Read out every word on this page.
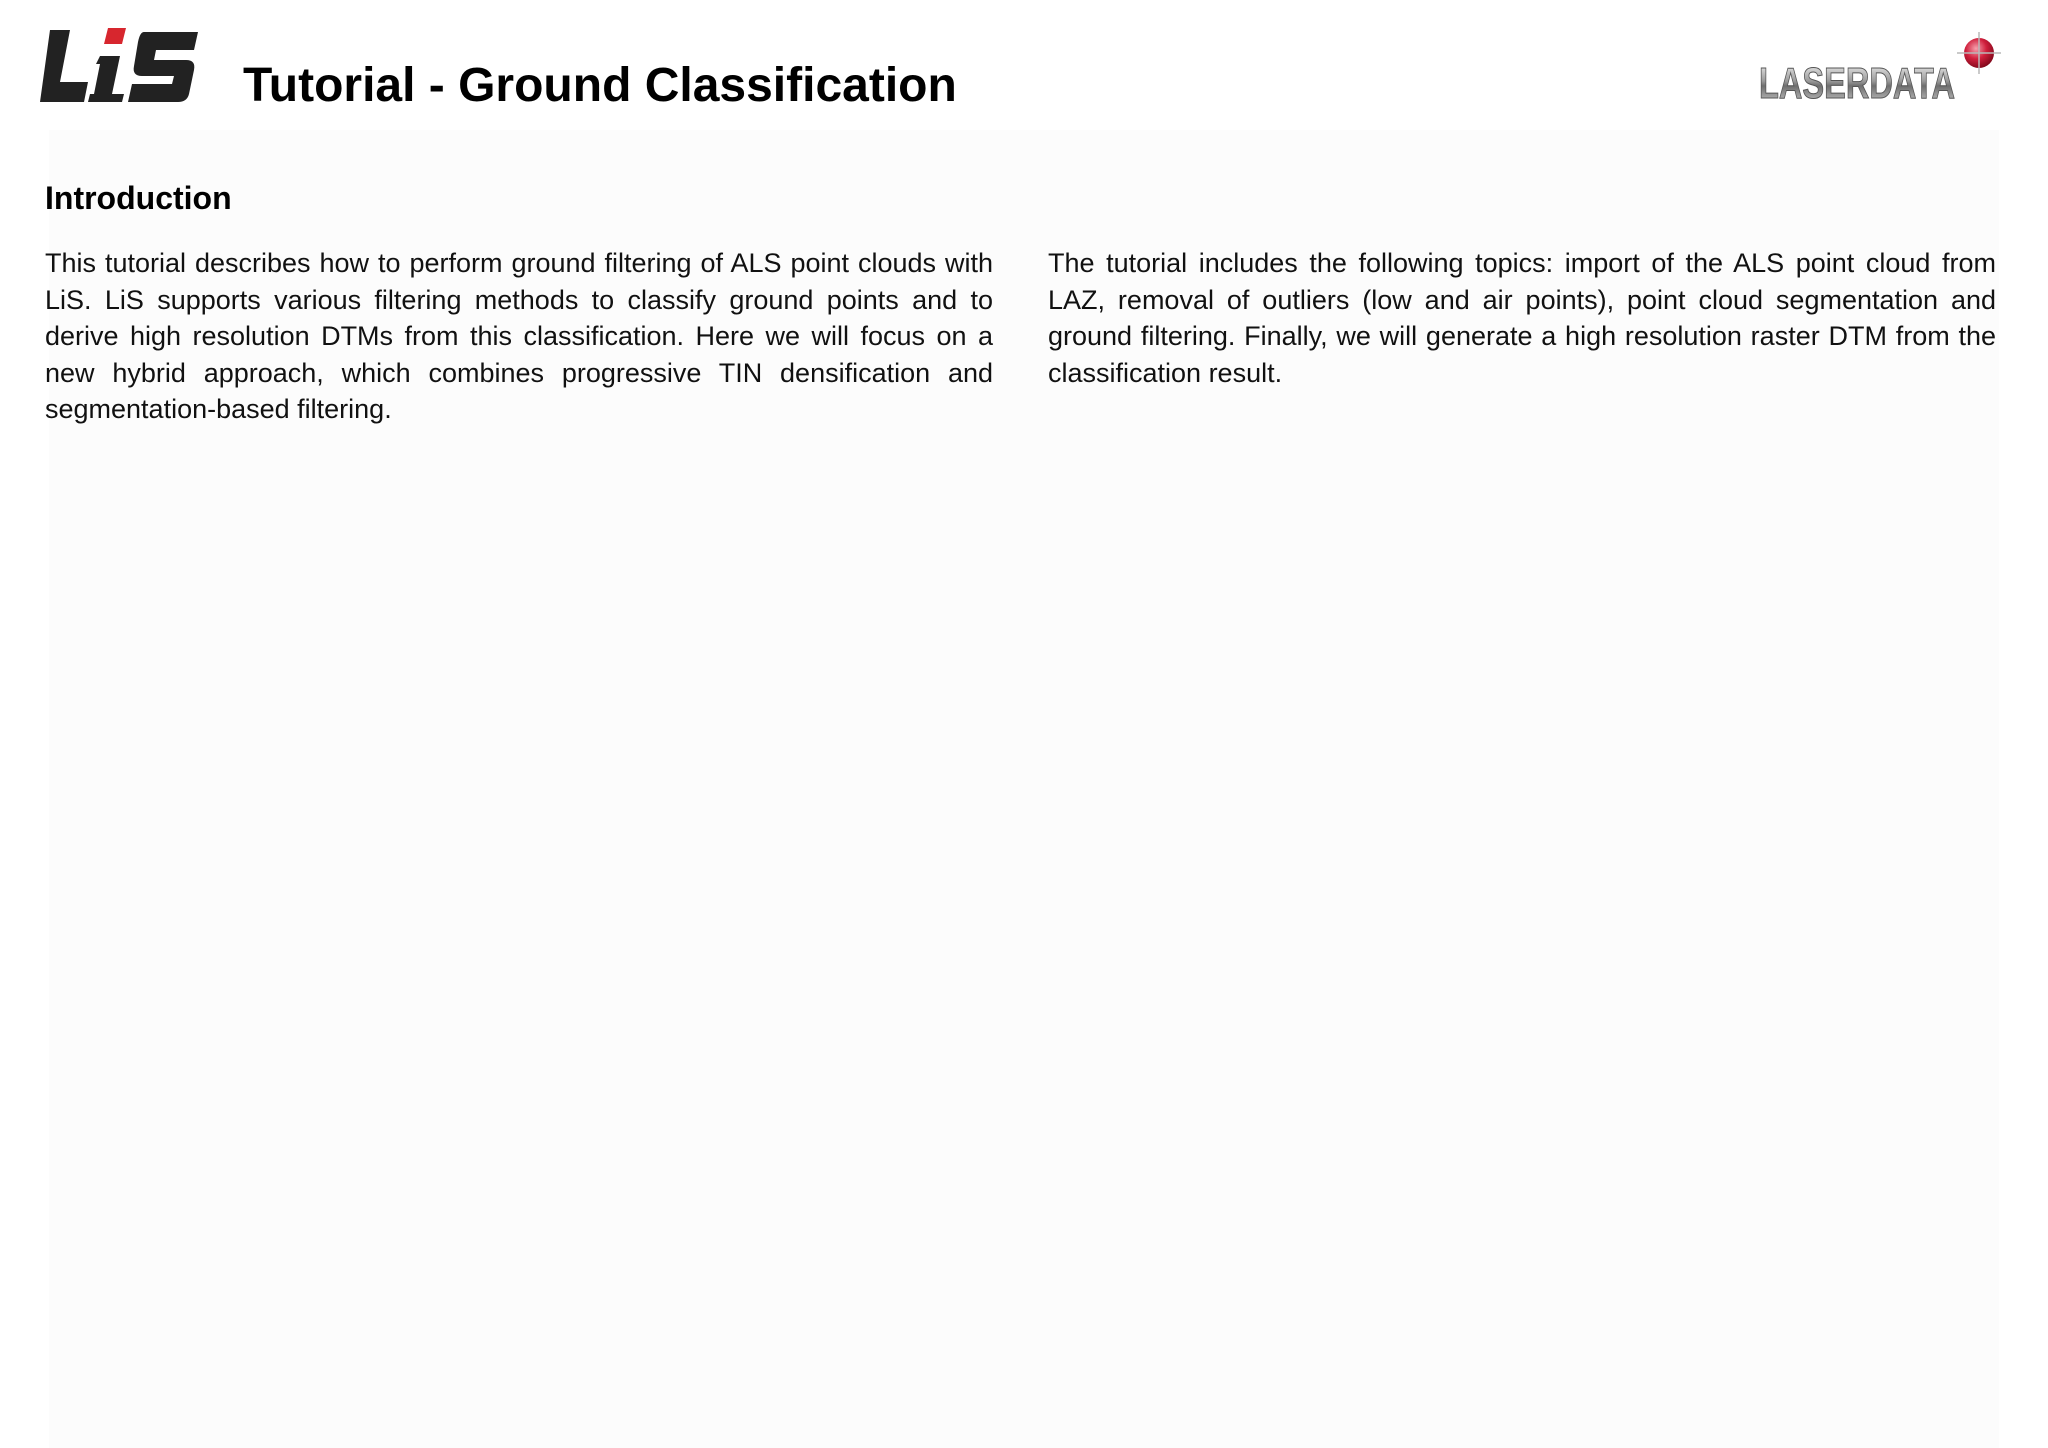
LiS
Tutorial - Ground Classification	LASERDATA
Introduction

This tutorial describes how to perform ground filtering of ALS point clouds with LiS. LiS supports various filtering methods to classify ground points and to derive high resolution DTMs from this classification. Here we will focus on a new hybrid approach, which combines progressive TIN densification and segmentation-based filtering.

The tutorial includes the following topics: import of the ALS point cloud from LAZ, removal of outliers (low and air points), point cloud segmentation and ground filtering. Finally, we will generate a high resolution raster DTM from the classification result.
